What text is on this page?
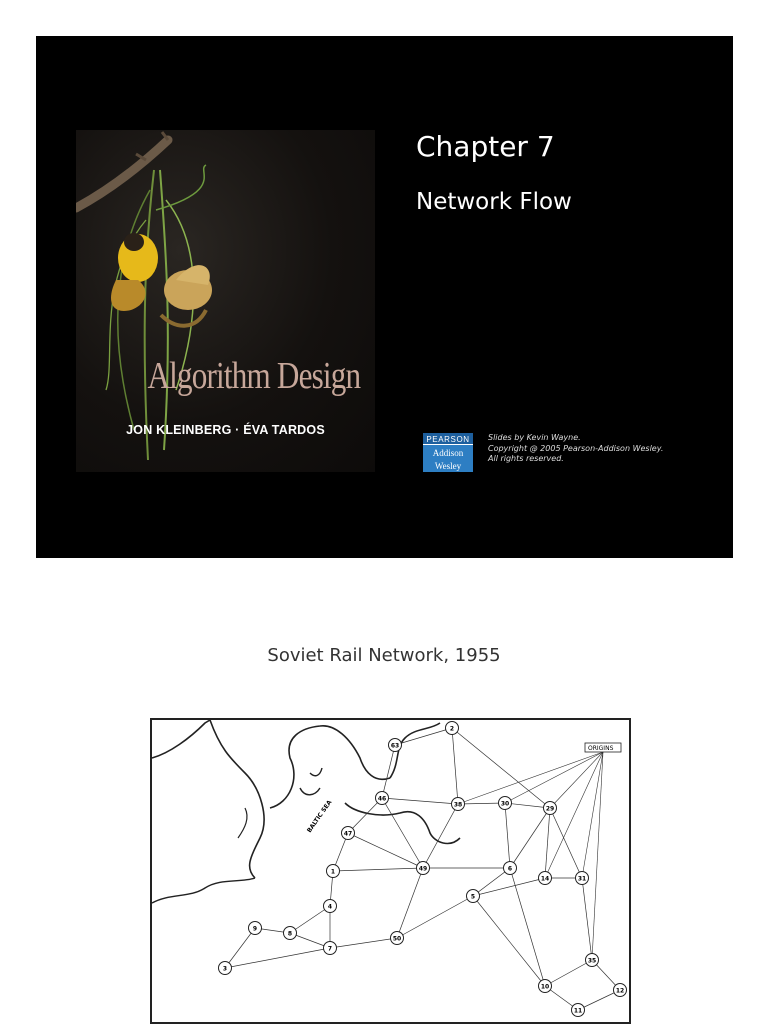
Algorithm Design
JON KLEINBERG · ÉVA TARDOS
Chapter 7
Network Flow
PEARSON
Addison
Wesley
Slides by Kevin Wayne.
Copyright @ 2005 Pearson-Addison Wesley.
All rights reserved.
Soviet Rail Network, 1955
BALTIC SEA
2
63
46
38	30
29
47
49	6
5
14	31
1
4
8
9
7
3
50
35
10
11
12
ORIGINS
